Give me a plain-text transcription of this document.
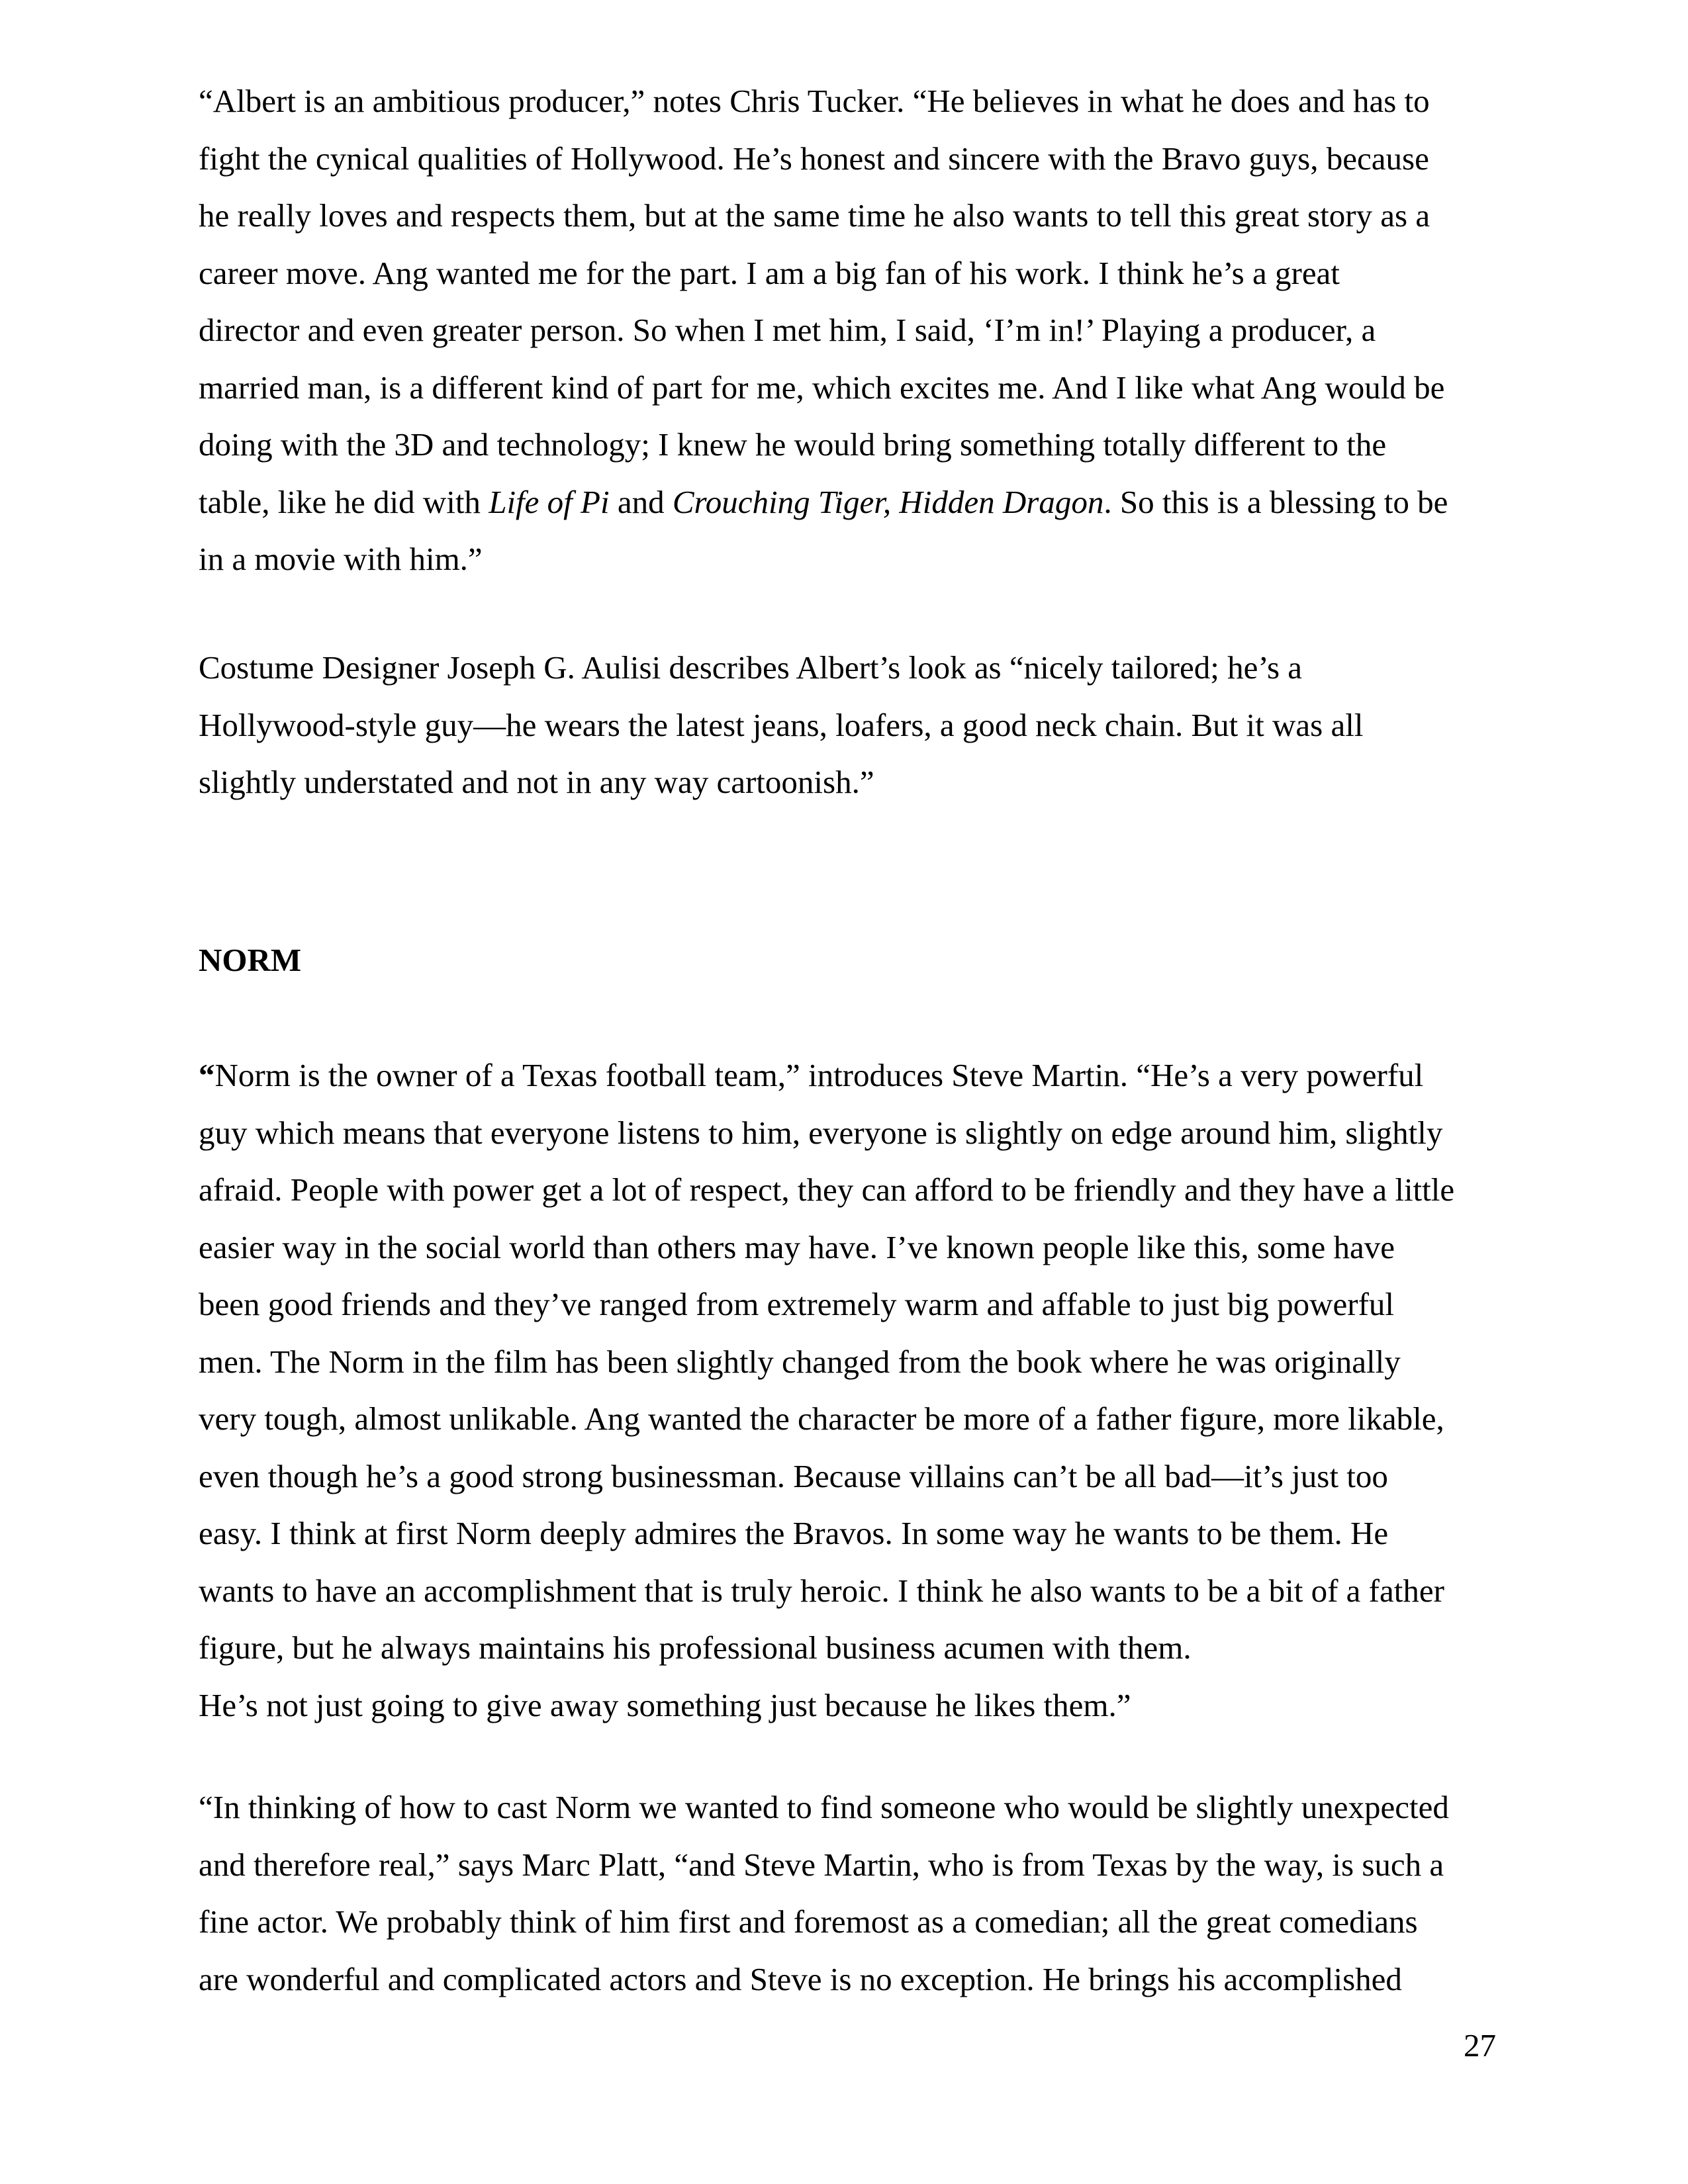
“Albert is an ambitious producer,” notes Chris Tucker. “He believes in what he does and has to
fight the cynical qualities of Hollywood. He’s honest and sincere with the Bravo guys, because
he really loves and respects them, but at the same time he also wants to tell this great story as a
career move. Ang wanted me for the part. I am a big fan of his work. I think he’s a great
director and even greater person. So when I met him, I said, ‘I’m in!’ Playing a producer, a
married man, is a different kind of part for me, which excites me. And I like what Ang would be
doing with the 3D and technology; I knew he would bring something totally different to the
table, like he did with Life of Pi and Crouching Tiger, Hidden Dragon. So this is a blessing to be
in a movie with him.”

Costume Designer Joseph G. Aulisi describes Albert’s look as “nicely tailored; he’s a
Hollywood-style guy—he wears the latest jeans, loafers, a good neck chain. But it was all
slightly understated and not in any way cartoonish.”

NORM

“Norm is the owner of a Texas football team,” introduces Steve Martin. “He’s a very powerful
guy which means that everyone listens to him, everyone is slightly on edge around him, slightly
afraid. People with power get a lot of respect, they can afford to be friendly and they have a little
easier way in the social world than others may have. I’ve known people like this, some have
been good friends and they’ve ranged from extremely warm and affable to just big powerful
men. The Norm in the film has been slightly changed from the book where he was originally
very tough, almost unlikable. Ang wanted the character be more of a father figure, more likable,
even though he’s a good strong businessman. Because villains can’t be all bad—it’s just too
easy. I think at first Norm deeply admires the Bravos. In some way he wants to be them. He
wants to have an accomplishment that is truly heroic. I think he also wants to be a bit of a father
figure, but he always maintains his professional business acumen with them.
He’s not just going to give away something just because he likes them.”

“In thinking of how to cast Norm we wanted to find someone who would be slightly unexpected
and therefore real,” says Marc Platt, “and Steve Martin, who is from Texas by the way, is such a
fine actor. We probably think of him first and foremost as a comedian; all the great comedians
are wonderful and complicated actors and Steve is no exception. He brings his accomplished

27
